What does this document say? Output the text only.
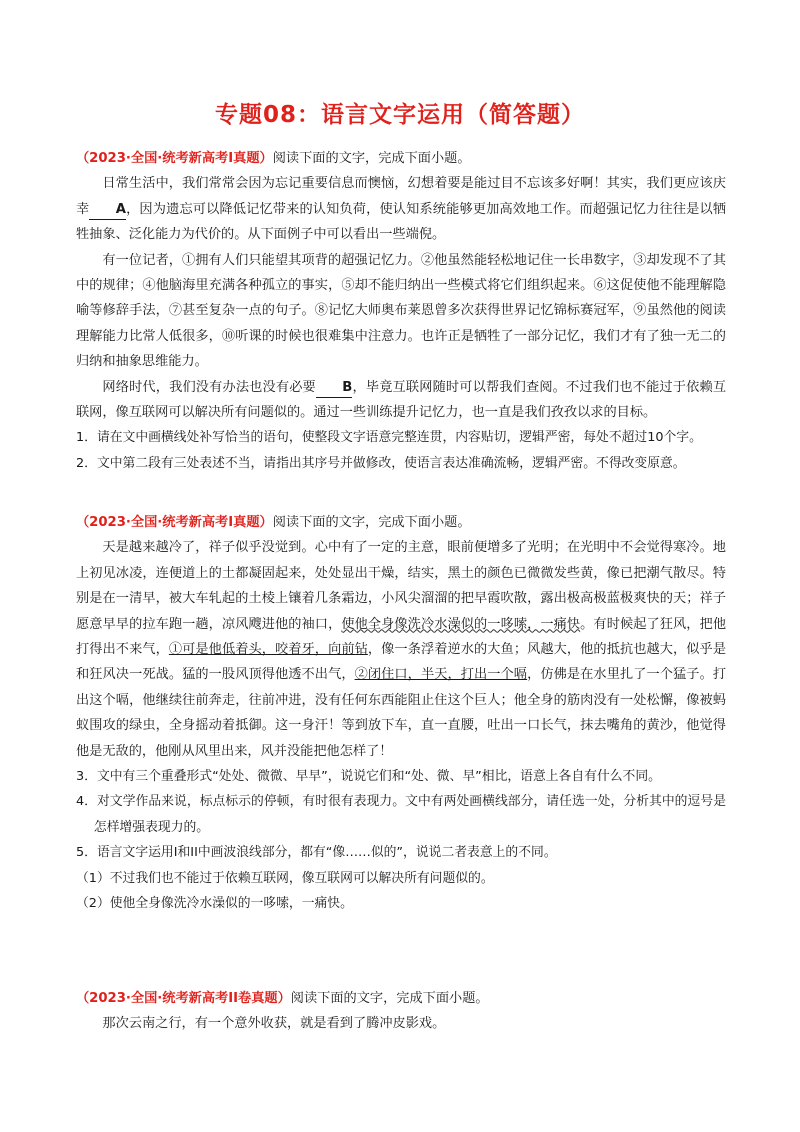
专题08：语言文字运用（简答题）

（2023·全国·统考新高考I真题）阅读下面的文字，完成下面小题。

日常生活中，我们常常会因为忘记重要信息而懊恼，幻想着要是能过目不忘该多好啊！其实，我们更应该庆幸 A，因为遗忘可以降低记忆带来的认知负荷，使认知系统能够更加高效地工作。而超强记忆力往往是以牺牲抽象、泛化能力为代价的。从下面例子中可以看出一些端倪。

有一位记者，①拥有人们只能望其项背的超强记忆力。②他虽然能轻松地记住一长串数字，③却发现不了其中的规律；④他脑海里充满各种孤立的事实，⑤却不能归纳出一些模式将它们组织起来。⑥这促使他不能理解隐喻等修辞手法，⑦甚至复杂一点的句子。⑧记忆大师奥布莱恩曾多次获得世界记忆锦标赛冠军，⑨虽然他的阅读理解能力比常人低很多，⑩听课的时候也很难集中注意力。也许正是牺牲了一部分记忆，我们才有了独一无二的归纳和抽象思维能力。

网络时代，我们没有办法也没有必要 B，毕竟互联网随时可以帮我们查阅。不过我们也不能过于依赖互联网，像互联网可以解决所有问题似的。通过一些训练提升记忆力，也一直是我们孜孜以求的目标。

1．请在文中画横线处补写恰当的语句，使整段文字语意完整连贯，内容贴切，逻辑严密，每处不超过10个字。

2．文中第二段有三处表述不当，请指出其序号并做修改，使语言表达准确流畅，逻辑严密。不得改变原意。

（2023·全国·统考新高考I真题）阅读下面的文字，完成下面小题。

天是越来越冷了，祥子似乎没觉到。心中有了一定的主意，眼前便增多了光明；在光明中不会觉得寒冷。地上初见冰凌，连便道上的土都凝固起来，处处显出干燥，结实，黑土的颜色已微微发些黄，像已把潮气散尽。特别是在一清早，被大车轧起的土棱上镶着几条霜边，小风尖溜溜的把早霞吹散，露出极高极蓝极爽快的天；祥子愿意早早的拉车跑一趟，凉风飕进他的袖口，使他全身像洗冷水澡似的一哆嗦，一痛快。有时候起了狂风，把他打得出不来气，①可是他低着头，咬着牙，向前钻，像一条浮着逆水的大鱼；风越大，他的抵抗也越大，似乎是和狂风决一死战。猛的一股风顶得他透不出气，②闭住口，半天，打出一个嗝，仿佛是在水里扎了一个猛子。打出这个嗝，他继续往前奔走，往前冲进，没有任何东西能阻止住这个巨人；他全身的筋肉没有一处松懈，像被蚂蚁围攻的绿虫，全身摇动着抵御。这一身汗！等到放下车，直一直腰，吐出一口长气，抹去嘴角的黄沙，他觉得他是无敌的，他刚从风里出来，风并没能把他怎样了！

3．文中有三个重叠形式“处处、微微、早早”，说说它们和“处、微、早”相比，语意上各自有什么不同。

4．对文学作品来说，标点标示的停顿，有时很有表现力。文中有两处画横线部分，请任选一处，分析其中的逗号是怎样增强表现力的。

5．语言文字运用I和II中画波浪线部分，都有“像……似的”，说说二者表意上的不同。

（1）不过我们也不能过于依赖互联网，像互联网可以解决所有问题似的。

（2）使他全身像洗冷水澡似的一哆嗦，一痛快。

（2023·全国·统考新高考II卷真题）阅读下面的文字，完成下面小题。

那次云南之行，有一个意外收获，就是看到了腾冲皮影戏。
